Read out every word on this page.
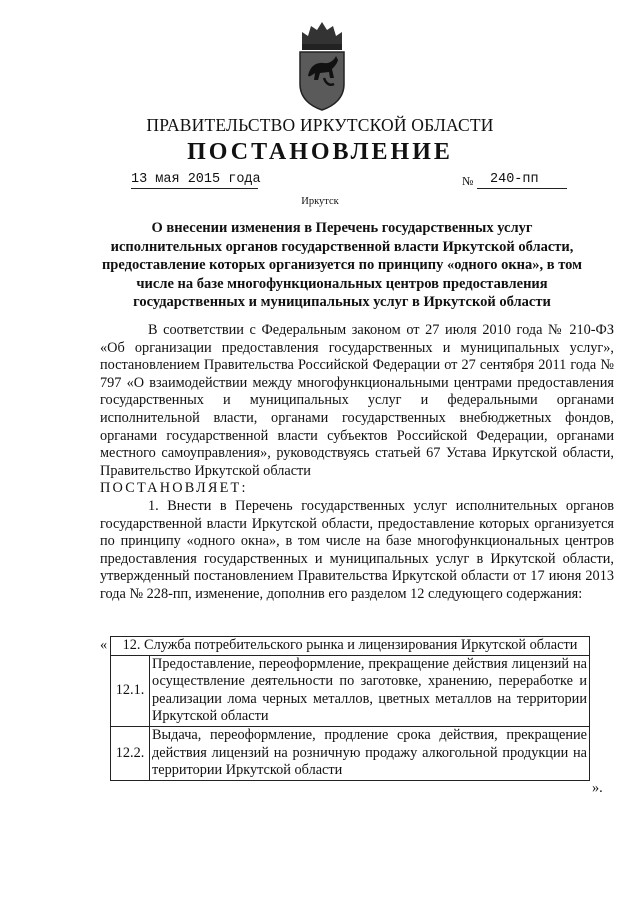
ПРАВИТЕЛЬСТВО ИРКУТСКОЙ ОБЛАСТИ
ПОСТАНОВЛЕНИЕ
13 мая 2015 года	№ 240-пп
Иркутск
О внесении изменения в Перечень государственных услуг исполнительных органов государственной власти Иркутской области, предоставление которых организуется по принципу «одного окна», в том числе на базе многофункциональных центров предоставления государственных и муниципальных услуг в Иркутской области

В соответствии с Федеральным законом от 27 июля 2010 года № 210-ФЗ «Об организации предоставления государственных и муниципальных услуг», постановлением Правительства Российской Федерации от 27 сентября 2011 года № 797 «О взаимодействии между многофункциональными центрами предоставления государственных и муниципальных услуг и федеральными органами исполнительной власти, органами государственных внебюджетных фондов, органами государственной власти субъектов Российской Федерации, органами местного самоуправления», руководствуясь статьей 67 Устава Иркутской области, Правительство Иркутской области

ПОСТАНОВЛЯЕТ:

1. Внести в Перечень государственных услуг исполнительных органов государственной власти Иркутской области, предоставление которых организуется по принципу «одного окна», в том числе на базе многофункциональных центров предоставления государственных и муниципальных услуг в Иркутской области, утвержденный постановлением Правительства Иркутской области от 17 июня 2013 года № 228-пп, изменение, дополнив его разделом 12 следующего содержания:

« 12. Служба потребительского рынка и лицензирования Иркутской области	
12.1.	Предоставление, переоформление, прекращение действия лицензий на осуществление деятельности по заготовке, хранению, переработке и реализации лома черных металлов, цветных металлов на территории Иркутской области
12.2.	Выдача, переоформление, продление срока действия, прекращение действия лицензий на розничную продажу алкогольной продукции на территории Иркутской области
».
